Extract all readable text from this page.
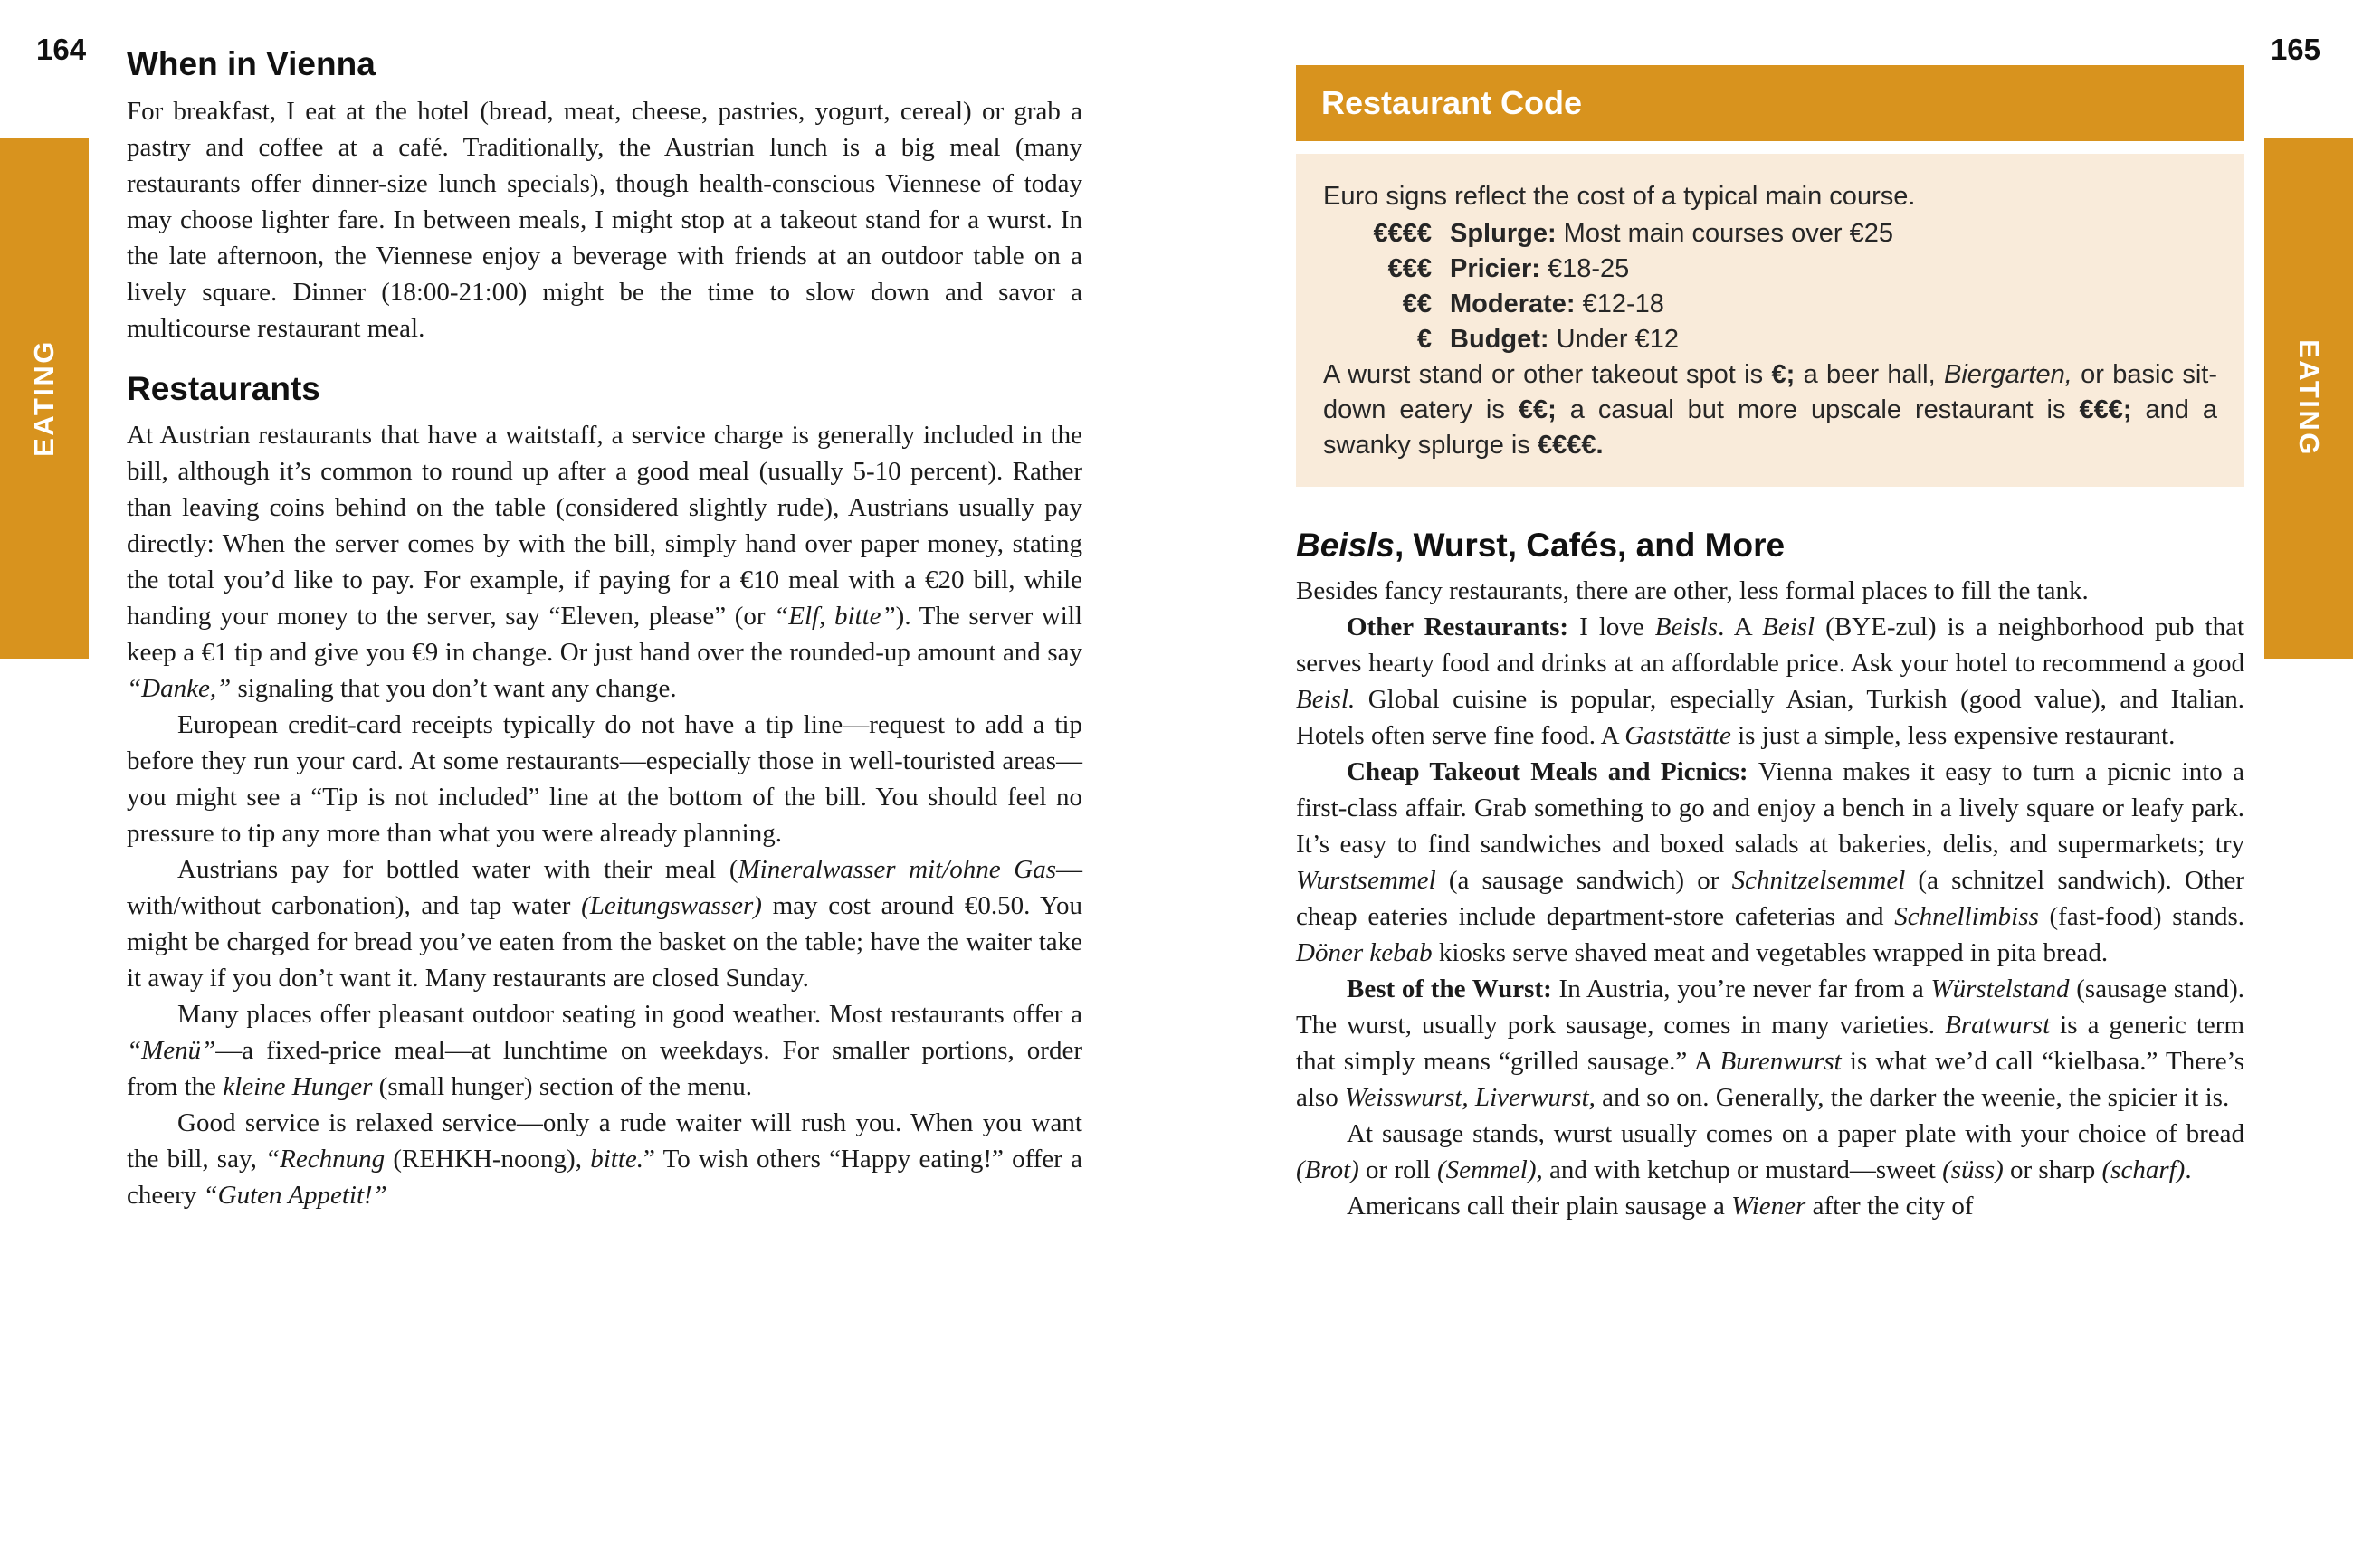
164	165
EATING	EATING
When in Vienna

For breakfast, I eat at the hotel (bread, meat, cheese, pastries, yogurt, cereal) or grab a pastry and coffee at a café. Traditionally, the Austrian lunch is a big meal (many restaurants offer dinner-size lunch specials), though health-conscious Viennese of today may choose lighter fare. In between meals, I might stop at a takeout stand for a wurst. In the late afternoon, the Viennese enjoy a beverage with friends at an outdoor table on a lively square. Dinner (18:00-21:00) might be the time to slow down and savor a multicourse restaurant meal.

Restaurants

At Austrian restaurants that have a waitstaff, a service charge is generally included in the bill, although it’s common to round up after a good meal (usually 5-10 percent). Rather than leaving coins behind on the table (considered slightly rude), Austrians usually pay directly: When the server comes by with the bill, simply hand over paper money, stating the total you’d like to pay. For example, if paying for a €10 meal with a €20 bill, while handing your money to the server, say “Eleven, please” (or “Elf, bitte”). The server will keep a €1 tip and give you €9 in change. Or just hand over the rounded-up amount and say “Danke,” signaling that you don’t want any change.

European credit-card receipts typically do not have a tip line—request to add a tip before they run your card. At some restaurants—especially those in well-touristed areas—you might see a “Tip is not included” line at the bottom of the bill. You should feel no pressure to tip any more than what you were already planning.

Austrians pay for bottled water with their meal (Mineralwasser mit/ohne Gas—with/without carbonation), and tap water (Leitungswasser) may cost around €0.50. You might be charged for bread you’ve eaten from the basket on the table; have the waiter take it away if you don’t want it. Many restaurants are closed Sunday.

Many places offer pleasant outdoor seating in good weather. Most restaurants offer a “Menü”—a fixed-price meal—at lunchtime on weekdays. For smaller portions, order from the kleine Hunger (small hunger) section of the menu.

Good service is relaxed service—only a rude waiter will rush you. When you want the bill, say, “Rechnung (REHKH-noong), bitte.” To wish others “Happy eating!” offer a cheery “Guten Appetit!”

Restaurant Code
Euro signs reflect the cost of a typical main course.
€€€€ Splurge: Most main courses over €25
€€€ Pricier: €18-25
€€ Moderate: €12-18
€ Budget: Under €12
A wurst stand or other takeout spot is €; a beer hall, Biergarten, or basic sit-down eatery is €€; a casual but more upscale restaurant is €€€; and a swanky splurge is €€€€.
Beisls, Wurst, Cafés, and More

Besides fancy restaurants, there are other, less formal places to fill the tank.

Other Restaurants: I love Beisls. A Beisl (BYE-zul) is a neighborhood pub that serves hearty food and drinks at an affordable price. Ask your hotel to recommend a good Beisl. Global cuisine is popular, especially Asian, Turkish (good value), and Italian. Hotels often serve fine food. A Gaststätte is just a simple, less expensive restaurant.

Cheap Takeout Meals and Picnics: Vienna makes it easy to turn a picnic into a first-class affair. Grab something to go and enjoy a bench in a lively square or leafy park. It’s easy to find sandwiches and boxed salads at bakeries, delis, and supermarkets; try Wurstsemmel (a sausage sandwich) or Schnitzelsemmel (a schnitzel sandwich). Other cheap eateries include department-store cafeterias and Schnellimbiss (fast-food) stands. Döner kebab kiosks serve shaved meat and vegetables wrapped in pita bread.

Best of the Wurst: In Austria, you’re never far from a Würstelstand (sausage stand). The wurst, usually pork sausage, comes in many varieties. Bratwurst is a generic term that simply means “grilled sausage.” A Burenwurst is what we’d call “kielbasa.” There’s also Weisswurst, Liverwurst, and so on. Generally, the darker the weenie, the spicier it is.

At sausage stands, wurst usually comes on a paper plate with your choice of bread (Brot) or roll (Semmel), and with ketchup or mustard—sweet (süss) or sharp (scharf).

Americans call their plain sausage a Wiener after the city of
